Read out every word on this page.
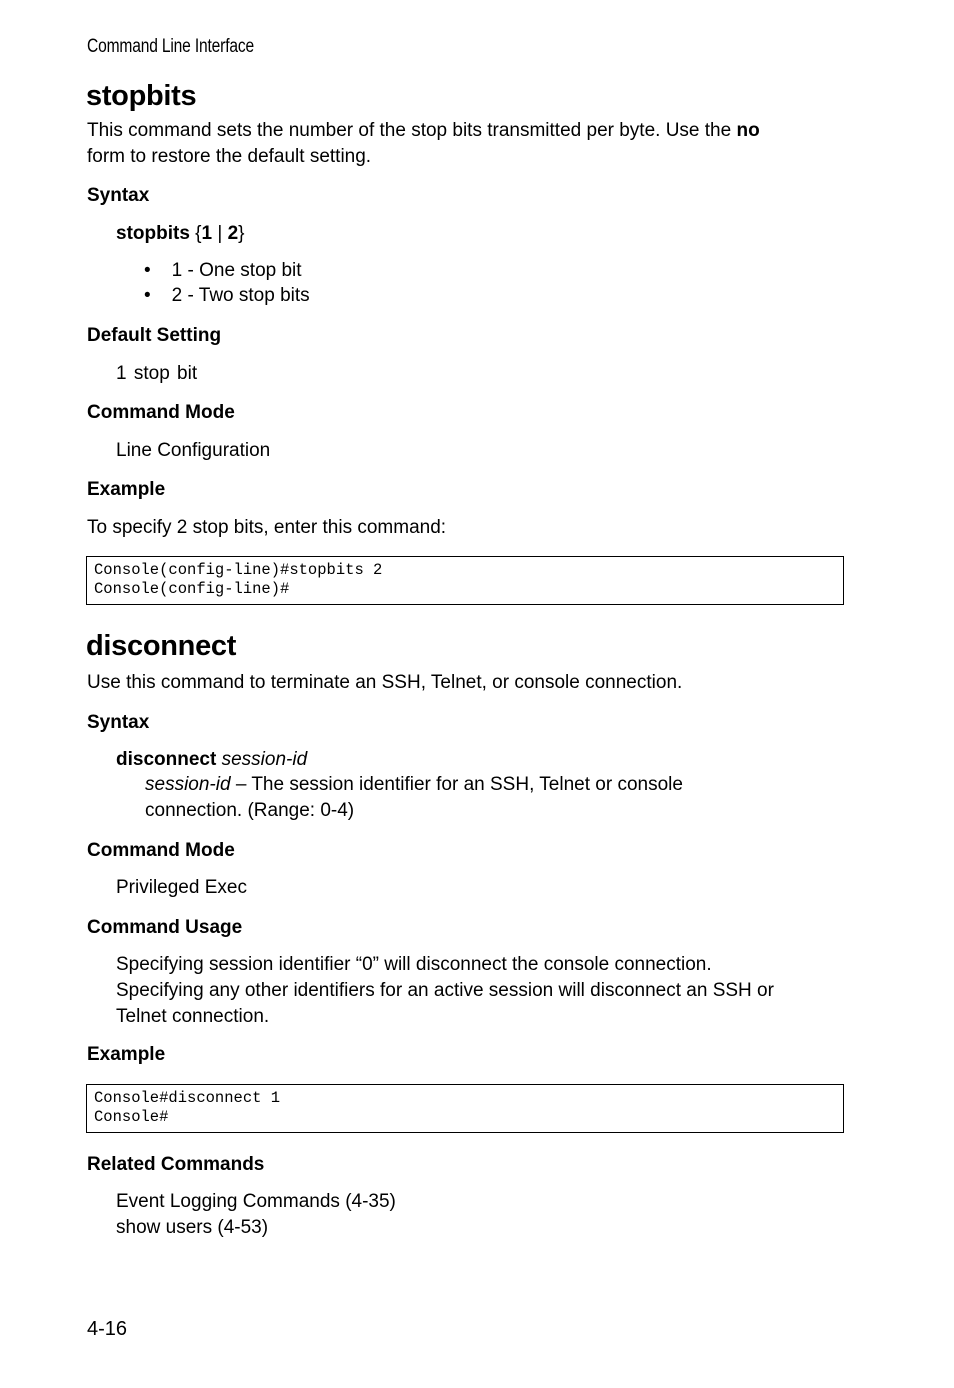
Command Line Interface
stopbits
This command sets the number of the stop bits transmitted per byte. Use the no
form to restore the default setting.
Syntax
stopbits {1 | 2}
• 1 - One stop bit
• 2 - Two stop bits
Default Setting
1 stop bit
Command Mode
Line Configuration
Example
To specify 2 stop bits, enter this command:
Console(config-line)#stopbits 2
Console(config-line)#
disconnect
Use this command to terminate an SSH, Telnet, or console connection.
Syntax
disconnect session-id
session-id – The session identifier for an SSH, Telnet or console
connection. (Range: 0-4)
Command Mode
Privileged Exec
Command Usage
Specifying session identifier “0” will disconnect the console connection.
Specifying any other identifiers for an active session will disconnect an SSH or
Telnet connection.
Example
Console#disconnect 1
Console#
Related Commands
Event Logging Commands (4-35)
show users (4-53)
4-16
